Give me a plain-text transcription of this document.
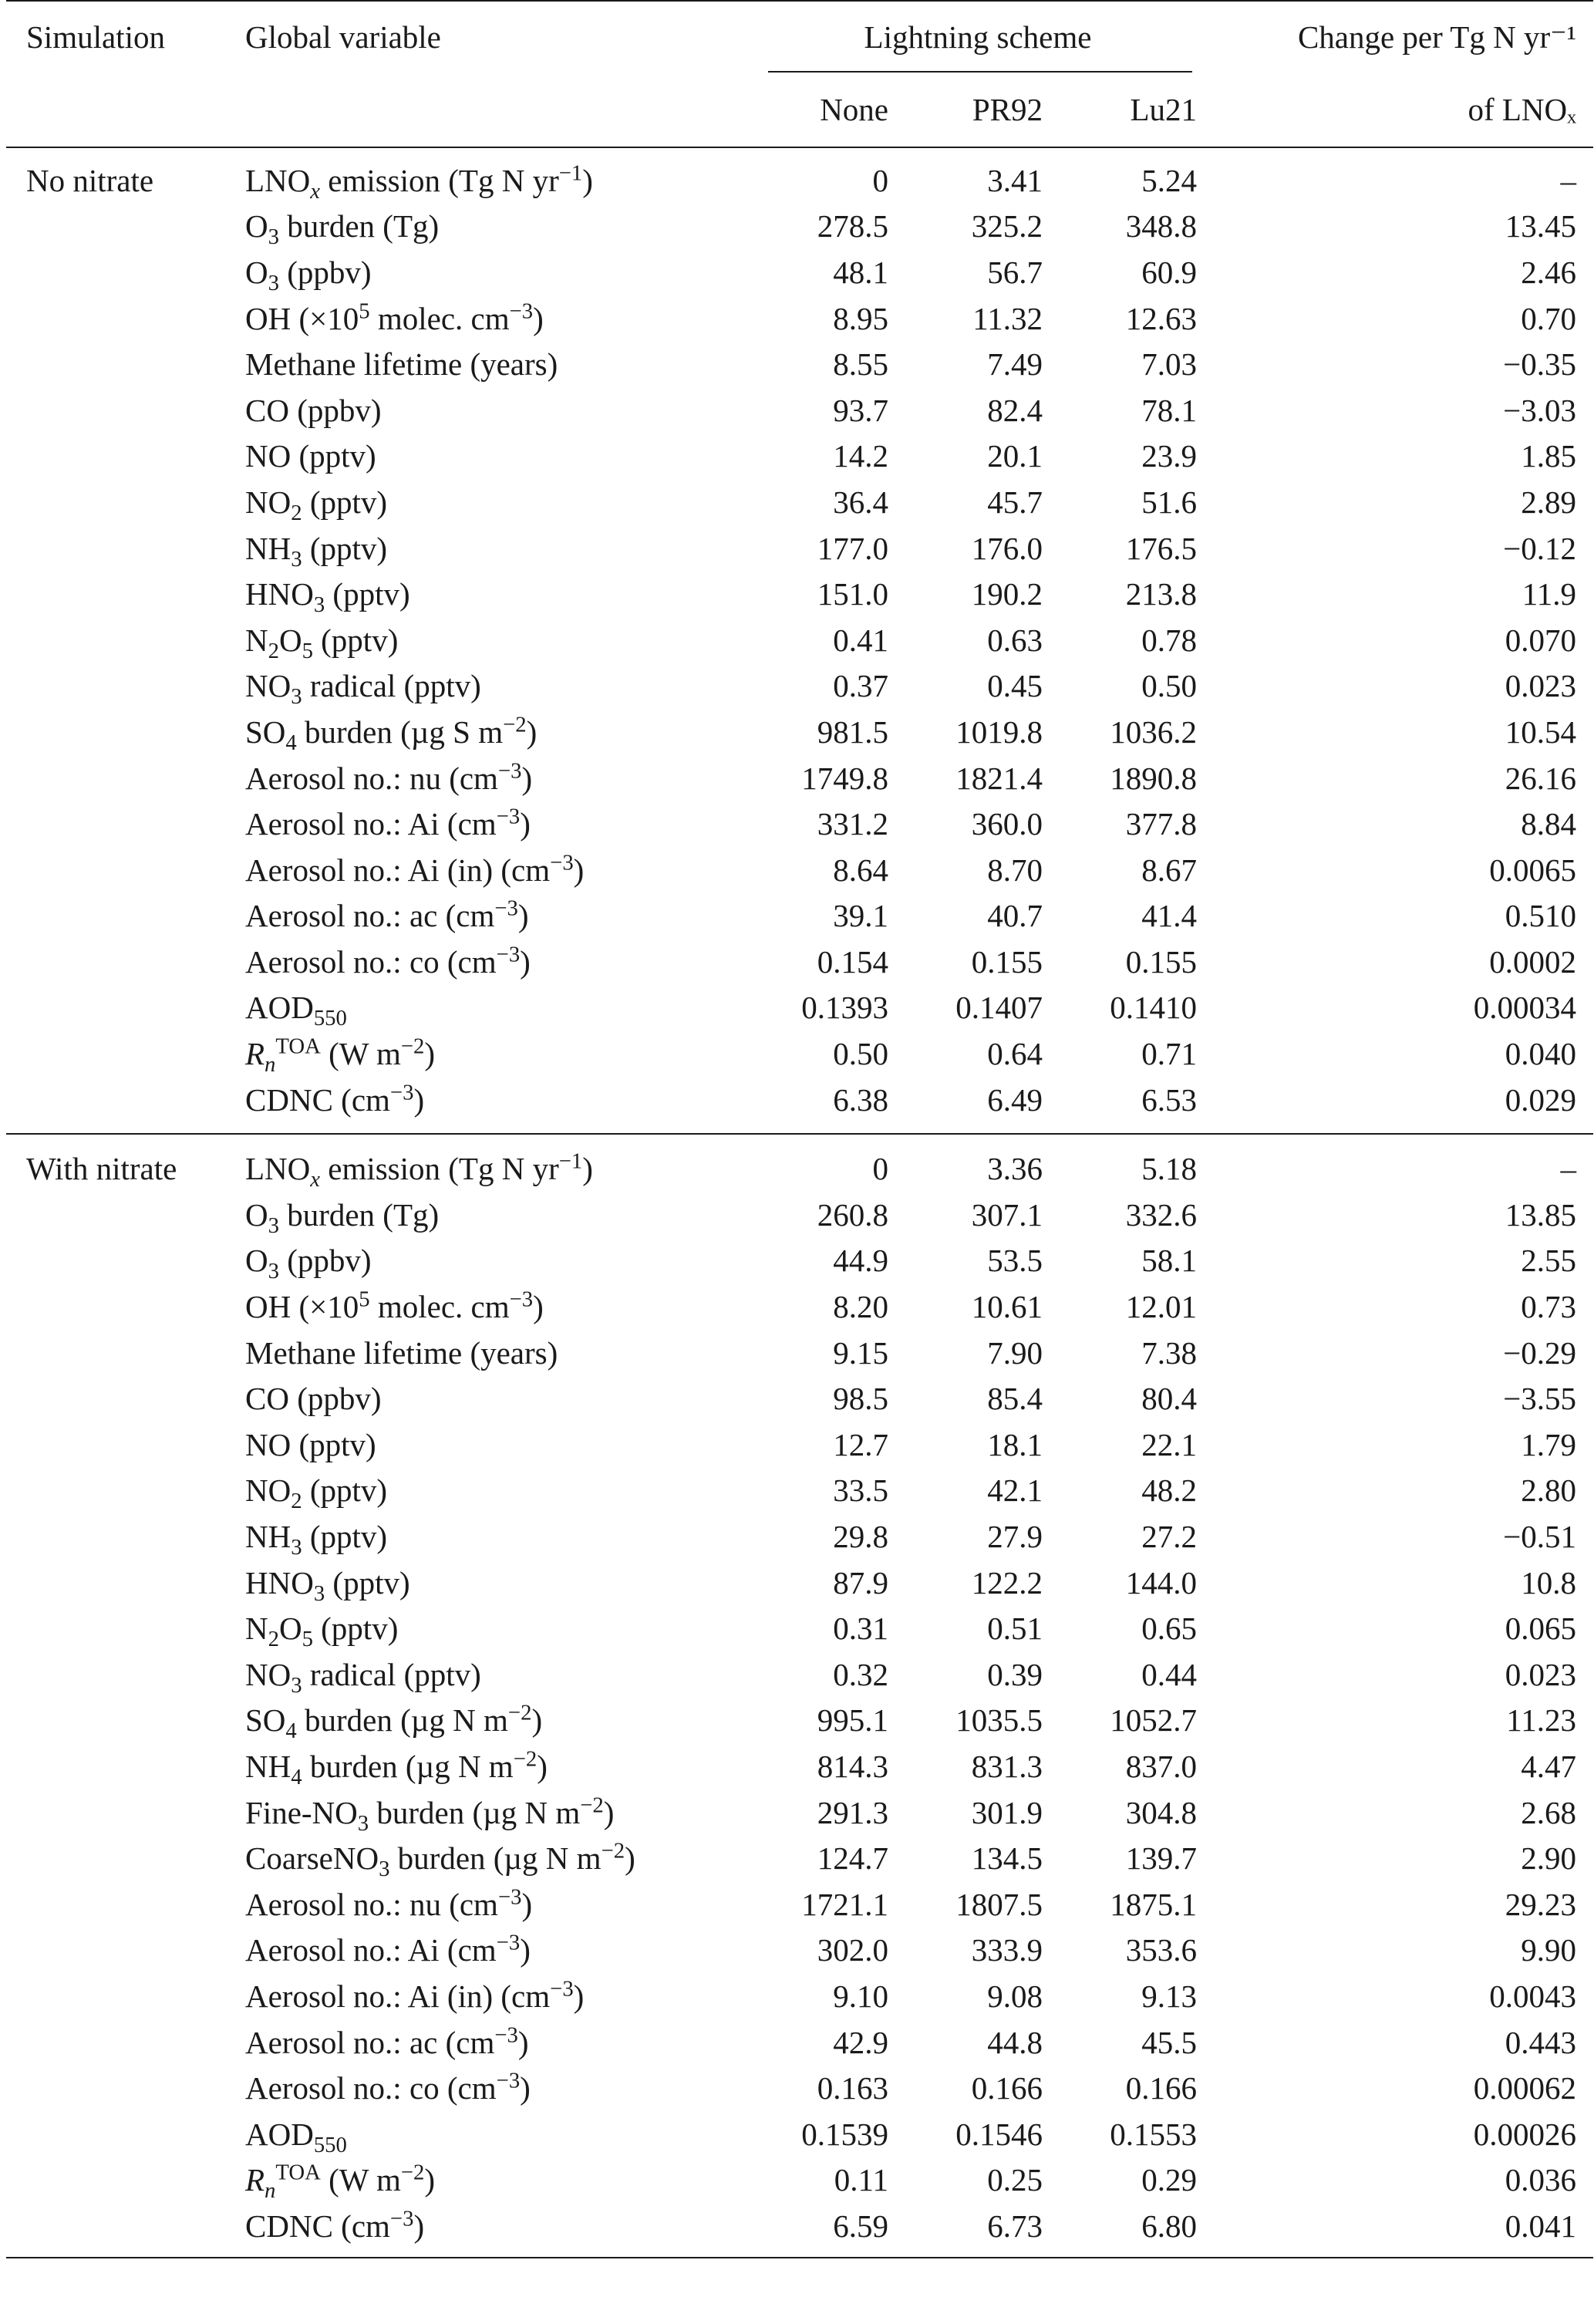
Simulation	Global variable	Lightning scheme			Change per Tg N yr⁻¹
		None	PR92	Lu21	of LNOₓ
No nitrate	$LNO_x$ emission (Tg N $yr^{-1}$)	0	3.41	5.24	–
	$O_3$ burden (Tg)	278.5	325.2	348.8	13.45
	$O_3$ (ppbv)	48.1	56.7	60.9	2.46
	OH ($\times 10^5$ molec. $cm^{-3}$)	8.95	11.32	12.63	0.70
	Methane lifetime (years)	8.55	7.49	7.03	−0.35
	CO (ppbv)	93.7	82.4	78.1	−3.03
	NO (pptv)	14.2	20.1	23.9	1.85
	$NO_2$ (pptv)	36.4	45.7	51.6	2.89
	$NH_3$ (pptv)	177.0	176.0	176.5	−0.12
	$HNO_3$ (pptv)	151.0	190.2	213.8	11.9
	$N_2O_5$ (pptv)	0.41	0.63	0.78	0.070
	$NO_3$ radical (pptv)	0.37	0.45	0.50	0.023
	$SO_4$ burden (µg S $m^{-2}$)	981.5	1019.8	1036.2	10.54
	Aerosol no.: nu $(cm^{-3})$	1749.8	1821.4	1890.8	26.16
	Aerosol no.: Ai $(cm^{-3})$	331.2	360.0	377.8	8.84
	Aerosol no.: Ai (in) $(cm^{-3})$	8.64	8.70	8.67	0.0065
	Aerosol no.: ac $(cm^{-3})$	39.1	40.7	41.4	0.510
	Aerosol no.: co $(cm^{-3})$	0.154	0.155	0.155	0.0002
	$AOD_{550}$	0.1393	0.1407	0.1410	0.00034
	$R_n^{TOA}$ (W $m^{-2}$)	0.50	0.64	0.71	0.040
	CDNC $(cm^{-3})$	6.38	6.49	6.53	0.029
With nitrate	$LNO_x$ emission (Tg N $yr^{-1}$)	0	3.36	5.18	–
	$O_3$ burden (Tg)	260.8	307.1	332.6	13.85
	$O_3$ (ppbv)	44.9	53.5	58.1	2.55
	OH ($\times 10^5$ molec. $cm^{-3}$)	8.20	10.61	12.01	0.73
	Methane lifetime (years)	9.15	7.90	7.38	−0.29
	CO (ppbv)	98.5	85.4	80.4	−3.55
	NO (pptv)	12.7	18.1	22.1	1.79
	$NO_2$ (pptv)	33.5	42.1	48.2	2.80
	$NH_3$ (pptv)	29.8	27.9	27.2	−0.51
	$HNO_3$ (pptv)	87.9	122.2	144.0	10.8
	$N_2O_5$ (pptv)	0.31	0.51	0.65	0.065
	$NO_3$ radical (pptv)	0.32	0.39	0.44	0.023
	$SO_4$ burden (µg N $m^{-2}$)	995.1	1035.5	1052.7	11.23
	$NH_4$ burden (µg N $m^{-2}$)	814.3	831.3	837.0	4.47
	Fine-$NO_3$ burden (µg N $m^{-2}$)	291.3	301.9	304.8	2.68
	CoarseNO$_3$ burden (µg N $m^{-2}$)	124.7	134.5	139.7	2.90
	Aerosol no.: nu $(cm^{-3})$	1721.1	1807.5	1875.1	29.23
	Aerosol no.: Ai $(cm^{-3})$	302.0	333.9	353.6	9.90
	Aerosol no.: Ai (in) $(cm^{-3})$	9.10	9.08	9.13	0.0043
	Aerosol no.: ac $(cm^{-3})$	42.9	44.8	45.5	0.443
	Aerosol no.: co $(cm^{-3})$	0.163	0.166	0.166	0.00062
	$AOD_{550}$	0.1539	0.1546	0.1553	0.00026
	$R_n^{TOA}$ (W $m^{-2}$)	0.11	0.25	0.29	0.036
	CDNC $(cm^{-3})$	6.59	6.73	6.80	0.041
